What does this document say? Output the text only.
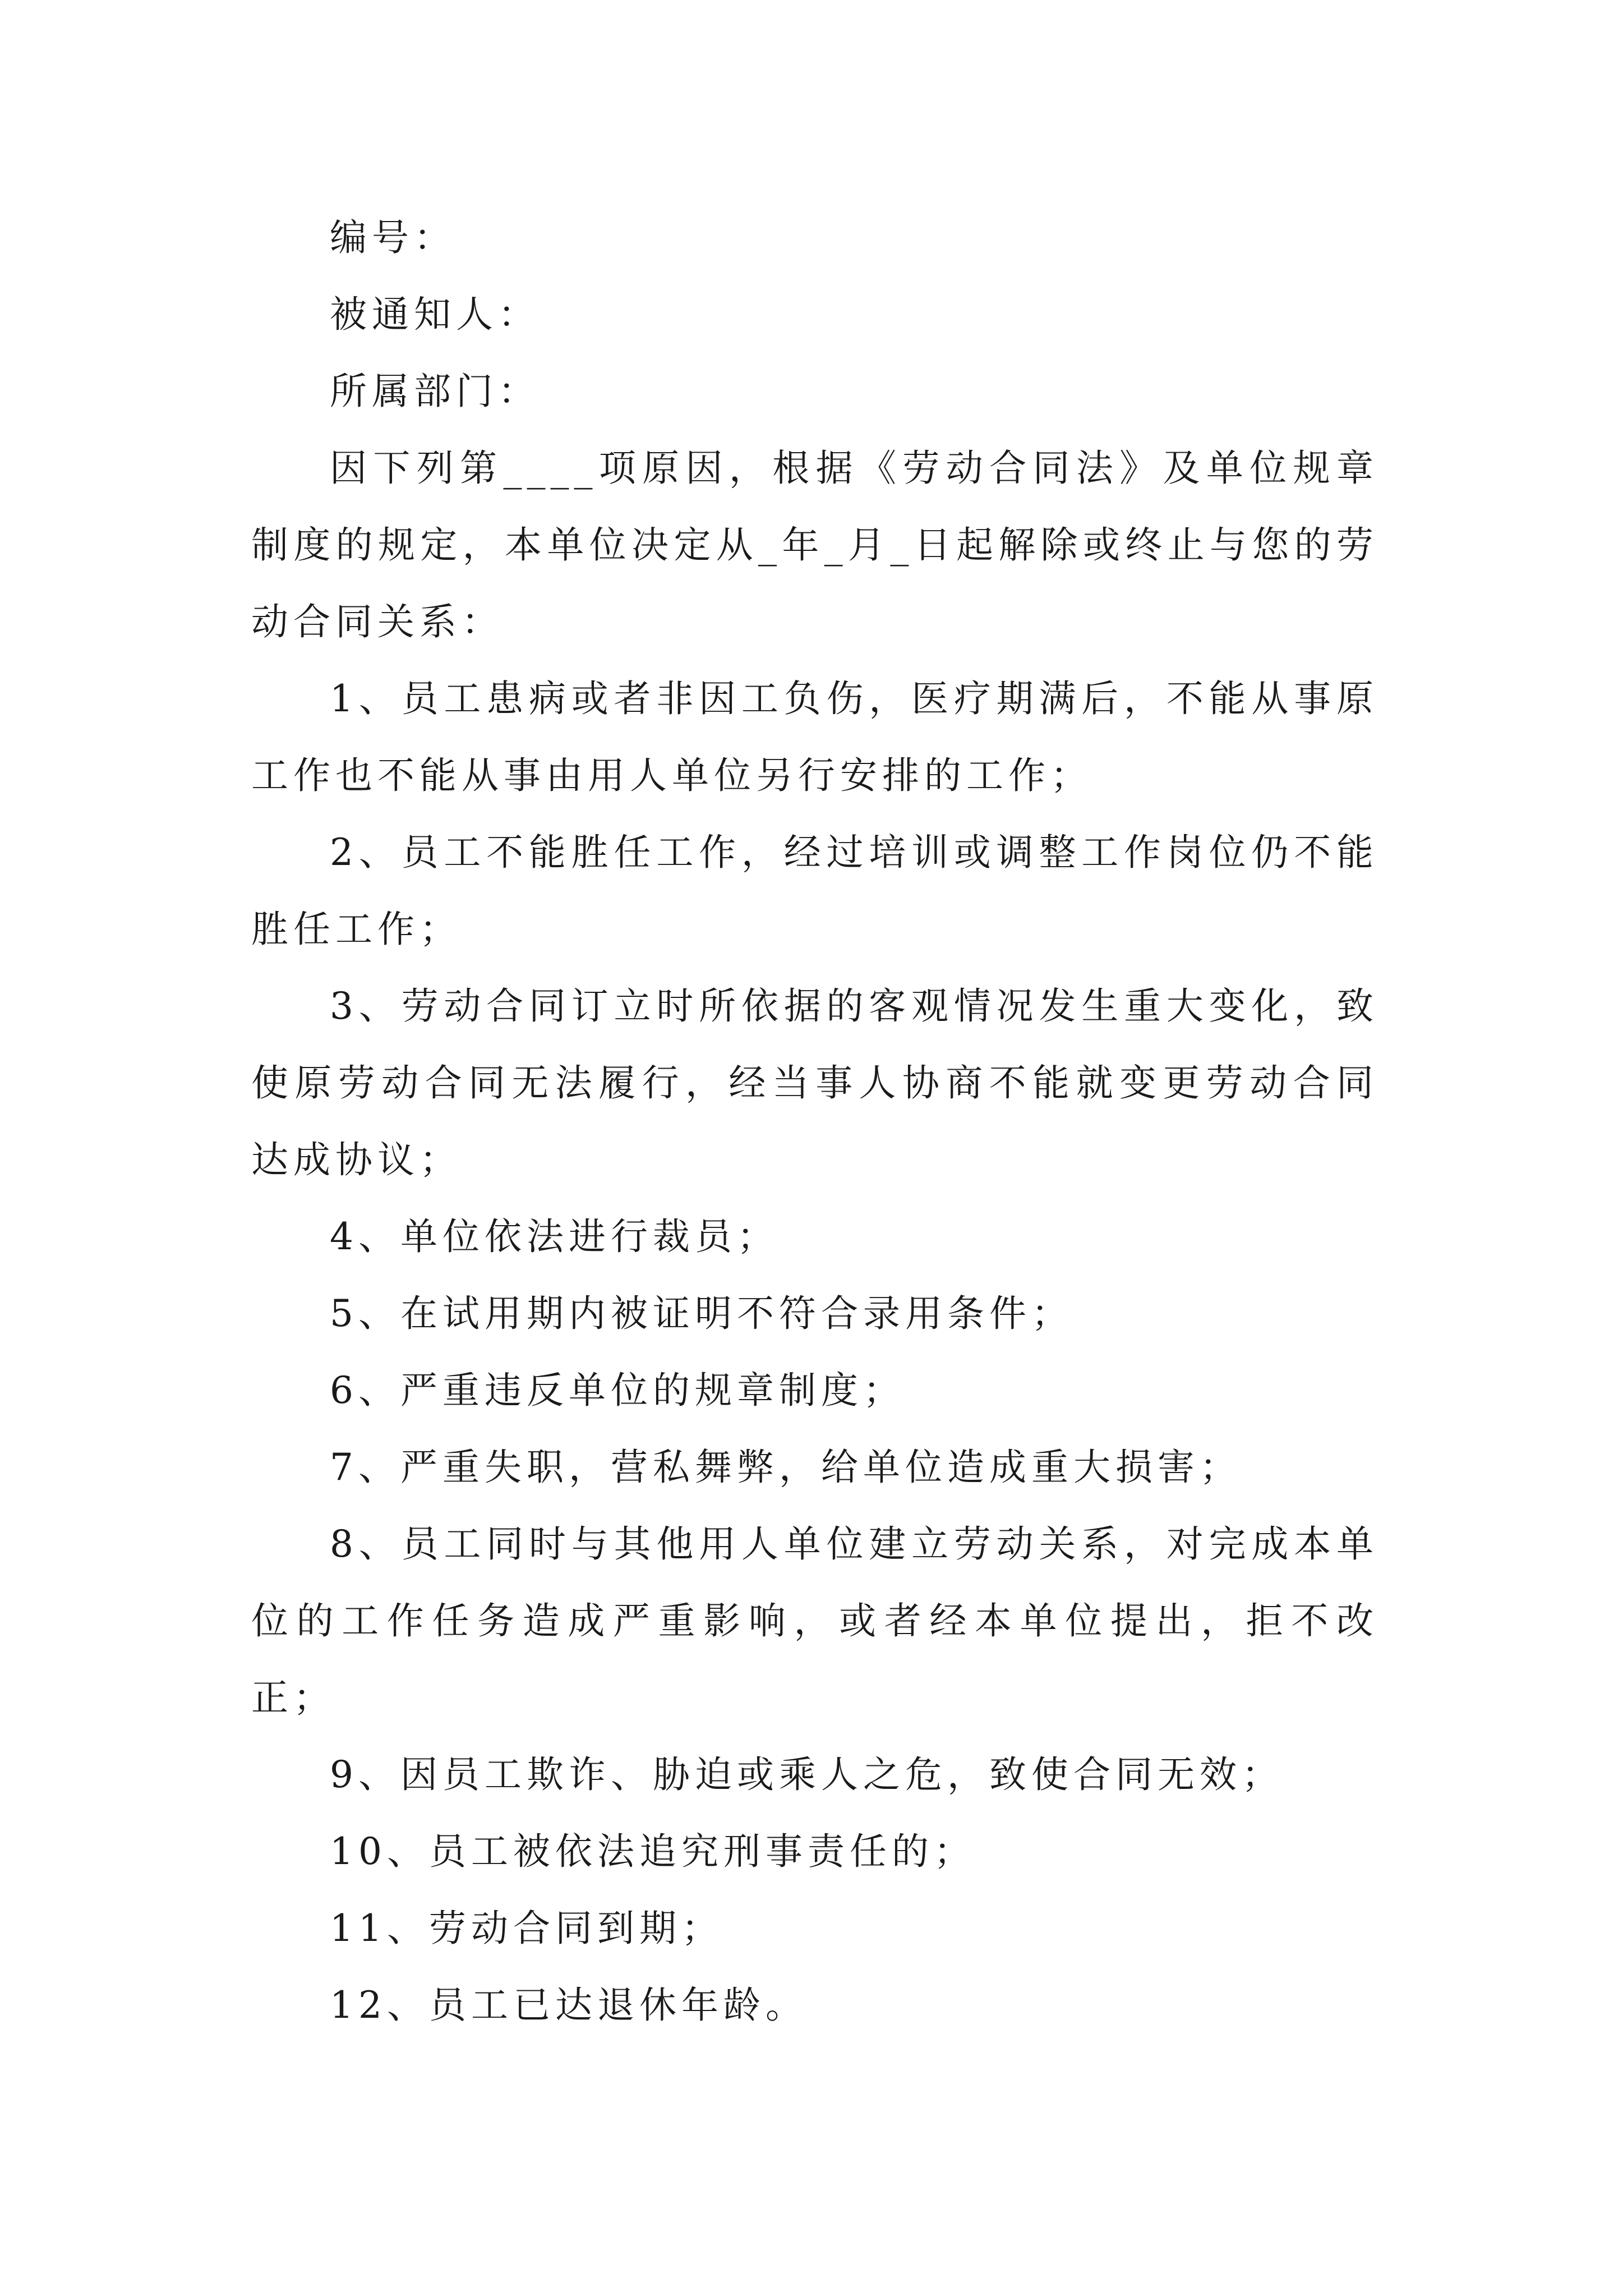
编号：

被通知人：

所属部门：

因下列第____项原因，根据《劳动合同法》及单位规章制度的规定，本单位决定从_年_月_日起解除或终止与您的劳动合同关系：

1、员工患病或者非因工负伤，医疗期满后，不能从事原工作也不能从事由用人单位另行安排的工作；

2、员工不能胜任工作，经过培训或调整工作岗位仍不能胜任工作；

3、劳动合同订立时所依据的客观情况发生重大变化，致使原劳动合同无法履行，经当事人协商不能就变更劳动合同达成协议；

4、单位依法进行裁员；

5、在试用期内被证明不符合录用条件；

6、严重违反单位的规章制度；

7、严重失职，营私舞弊，给单位造成重大损害；

8、员工同时与其他用人单位建立劳动关系，对完成本单位的工作任务造成严重影响，或者经本单位提出，拒不改正；

9、因员工欺诈、胁迫或乘人之危，致使合同无效；

10、员工被依法追究刑事责任的；

11、劳动合同到期；

12、员工已达退休年龄。
